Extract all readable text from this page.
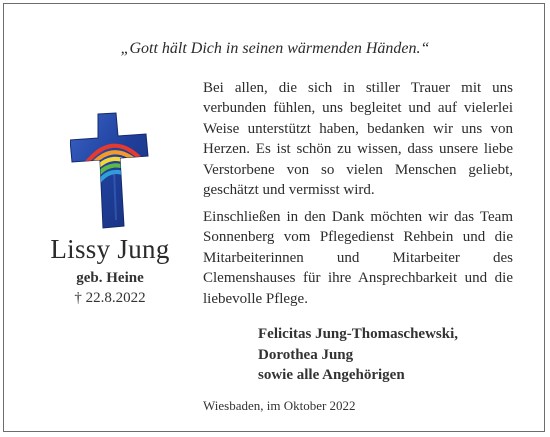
„Gott hält Dich in seinen wärmenden Händen.“
Lissy Jung
geb. Heine
† 22.8.2022
Bei allen, die sich in stiller Trauer mit uns verbunden fühlen, uns begleitet und auf vielerlei Weise unterstützt haben, bedanken wir uns von Herzen. Es ist schön zu wissen, dass unsere liebe Verstorbene von so vielen Menschen geliebt, geschätzt und vermisst wird.
Einschließen in den Dank möchten wir das Team Sonnenberg vom Pflegedienst Rehbein und die Mitarbeiterinnen und Mitarbeiter des Clemenshauses für ihre Ansprechbarkeit und die liebevolle Pflege.
Felicitas Jung-Thomaschewski,
Dorothea Jung
sowie alle Angehörigen
Wiesbaden, im Oktober 2022
